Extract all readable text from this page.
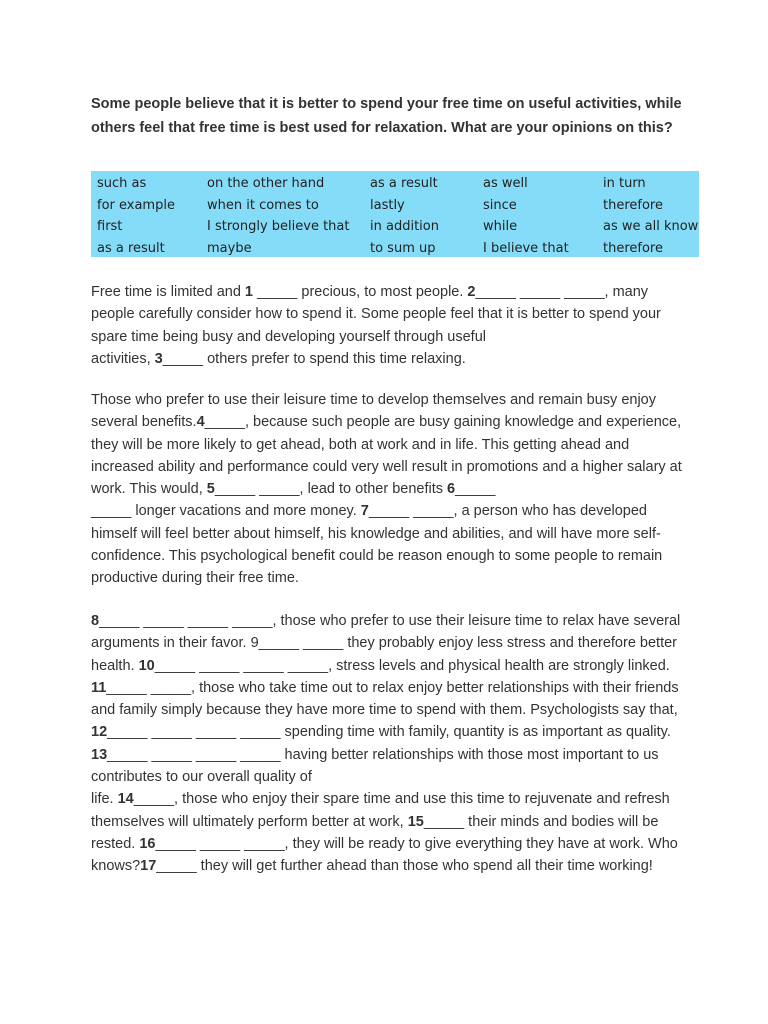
Some people believe that it is better to spend your free time on useful activities, while others feel that free time is best used for relaxation. What are your opinions on this?

such as	on the other hand	as a result	as well	in turn
for example	when it comes to	lastly	since	therefore
first	I strongly believe that	in addition	while	as we all know
as a result	maybe	to sum up	I believe that	therefore

Free time is limited and 1 _____ precious, to most people. 2_____ _____ _____, many people carefully consider how to spend it. Some people feel that it is better to spend your spare time being busy and developing yourself through useful
activities, 3_____ others prefer to spend this time relaxing.

Those who prefer to use their leisure time to develop themselves and remain busy enjoy several benefits.4_____, because such people are busy gaining knowledge and experience, they will be more likely to get ahead, both at work and in life. This getting ahead and increased ability and performance could very well result in promotions and a higher salary at work. This would, 5_____ _____, lead to other benefits 6_____
_____ longer vacations and more money. 7_____ _____, a person who has developed himself will feel better about himself, his knowledge and abilities, and will have more self-confidence. This psychological benefit could be reason enough to some people to remain productive during their free time.

8_____ _____ _____ _____, those who prefer to use their leisure time to relax have several arguments in their favor. 9_____ _____ they probably enjoy less stress and therefore better health. 10_____ _____ _____ _____, stress levels and physical health are strongly linked. 11_____ _____, those who take time out to relax enjoy better relationships with their friends and family simply because they have more time to spend with them. Psychologists say that, 12_____ _____ _____ _____ spending time with family, quantity is as important as quality. 13_____ _____ _____ _____ having better relationships with those most important to us contributes to our overall quality of
life. 14_____, those who enjoy their spare time and use this time to rejuvenate and refresh themselves will ultimately perform better at work, 15_____ their minds and bodies will be rested. 16_____ _____ _____, they will be ready to give everything they have at work. Who knows?17_____ they will get further ahead than those who spend all their time working!
